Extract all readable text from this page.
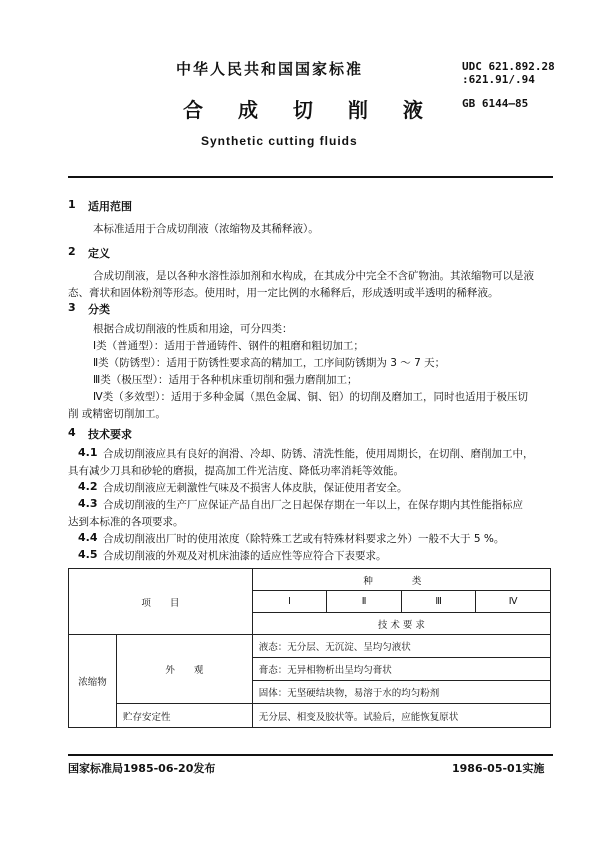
中华人民共和国国家标准	UDC 621.892.28
:621.91/.94
GB 6144—85
合 成 切 削 液
Synthetic cutting fluids
1 适用范围
本标准适用于合成切削液（浓缩物及其稀释液）。
2 定义
合成切削液，是以各种水溶性添加剂和水构成，在其成分中完全不含矿物油。其浓缩物可以是液
态、膏状和固体粉剂等形态。使用时，用一定比例的水稀释后，形成透明或半透明的稀释液。
3 分类
根据合成切削液的性质和用途，可分四类：
Ⅰ类（普通型）：适用于普通铸件、钢件的粗磨和粗切加工；
Ⅱ类（防锈型）：适用于防锈性要求高的精加工，工序间防锈期为 3 ～ 7 天；
Ⅲ类（极压型）：适用于各种机床重切削和强力磨削加工；
Ⅳ类（多效型）：适用于多种金属（黑色金属、铜、铝）的切削及磨加工，同时也适用于极压切
削 或精密切削加工。
4 技术要求
4.1 合成切削液应具有良好的润滑、冷却、防锈、清洗性能，使用周期长，在切削、磨削加工中，
具有减少刀具和砂轮的磨损，提高加工件光洁度、降低功率消耗等效能。
4.2 合成切削液应无刺激性气味及不损害人体皮肤，保证使用者安全。
4.3 合成切削液的生产厂应保证产品自出厂之日起保存期在一年以上，在保存期内其性能指标应
达到本标准的各项要求。
4.4 合成切削液出厂时的使用浓度（除特殊工艺或有特殊材料要求之外）一般不大于 5 %。
项　　目		种 类			
		Ⅰ	Ⅱ	Ⅲ	Ⅳ
		技 术 要 求			
浓缩物	外　　观	液态：无分层、无沉淀、呈均匀液状			
		膏态：无异相物析出呈均匀膏状			
		固体：无坚硬结块物，易溶于水的均匀粉剂			
	贮存安定性	无分层、相变及胶状等。试验后，应能恢复原状			
国家标准局1985-06-20发布	1986-05-01实施
4.5 合成切削液的外观及对机床油漆的适应性等应符合下表要求。
